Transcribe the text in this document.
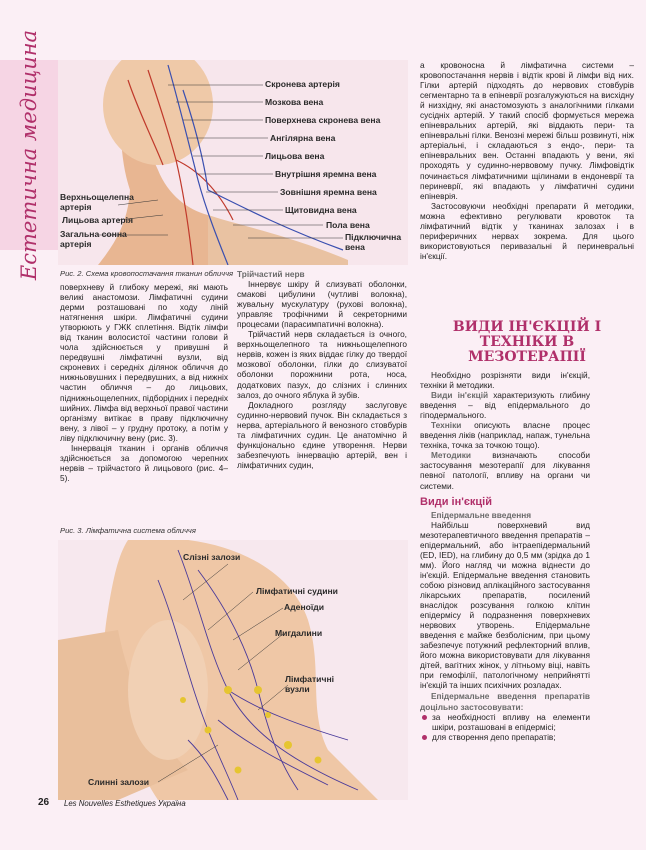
Естетична медицина	Скронева артерія
Мозкова вена
Поверхнева скронева вена
Ангілярна вена
Лицьова вена
Внутрішня яремна вена
Зовнішня яремна вена
Щитовидна вена
Пола вена
Підключична вена
Верхньощелепна артерія
Лицьова артерія
Загальна сонна артерія
Рис. 2. Схема кровопостачання тканин обличчя

поверхневу й глибоку мережі, які мають великі анастомози. Лімфатичні судини дерми розташовані по ходу ліній натягнення шкіри. Лімфатичні судини утворюють у ГЖК сплетіння. Відтік лімфи від тканин волосистої частини голови й чола здійснюється у привушні й передвушні лімфатичні вузли, від скроневих і середніх ділянок обличчя до нижньовушних і передвушних, а від нижніх частин обличчя – до лицьових, піднижньощелепних, підборідних і передніх шийних. Лімфа від верхньої правої частини організму витікає в праву підключичну вену, з лівої – у грудну протоку, а потім у ліву підключичну вену (рис. 3).

Іннервація тканин і органів обличчя здійснюється за допомогою черепних нервів – трійчастого й лицьового (рис. 4–5).

Трійчастий нерв

Іннервує шкіру й слизуваті оболонки, смакові цибулини (чутливі волокна), жувальну мускулатуру (рухові волокна), управляє трофічними й секреторними процесами (парасимпатичні волокна).

Трійчастий нерв складається із очного, верхньощелепного та нижньощелепного нервів, кожен із яких віддає гілку до твердої мозкової оболонки, гілки до слизуватої оболонки порожнини рота, носа, додаткових пазух, до слізних і слинних залоз, до очного яблука й зубів.

Докладного розгляду заслуговує судинно-нервовий пучок. Він складається з нерва, артеріального й венозного стовбурів та лімфатичних судин. Це анатомічно й функціонально єдине утворення. Нерви забезпечують іннервацію артерій, вен і лімфатичних судин,

Рис. 3. Лімфатична система обличчя
Слізні залози
Лімфатичні судини
Аденоїди
Мигдалини
Лімфатичні вузли
Слинні залози

а кровоносна й лімфатична системи – кровопостачання нервів і відтік крові й лімфи від них. Гілки артерій підходять до нервових стовбурів сегментарно та в епіневрії розгалужуються на висхідну й низхідну, які анастомозують з аналогічними гілками сусідніх артерій. У такий спосіб формується мережа епіневральних артерій, які віддають пери- та епіневральні гілки. Венозні мережі більш розвинуті, ніж артеріальні, і складаються з ендо-, пери- та епіневральних вен. Останні впадають у вени, які проходять у судинно-нервовому пучку. Лімфовідтік починається лімфатичними щілинами в ендоневрії та периневрії, які впадають у лімфатичні судини епіневрія.

Застосовуючи необхідні препарати й методики, можна ефективно регулювати кровоток та лімфатичний відтік у тканинах залозах і в периферичних нервах зокрема. Для цього використовуються перивазальні й периневральні ін'єкції.

ВИДИ ІН'ЄКЦІЙ І ТЕХНІКИ В МЕЗОТЕРАПІЇ

Необхідно розрізняти види ін'єкцій, техніки й методики.

Види ін'єкцій характеризують глибину введення – від епідермального до гіподермального.

Техніки описують власне процес введення ліків (наприклад, напаж, тунельна техніка, точка за точкою тощо).

Методики визначають способи застосування мезотерапії для лікування певної патології, впливу на органи чи системи.

Види ін'єкцій
Епідермальне введення

Найбільш поверхневий вид мезотерапевтичного введення препаратів – епідермальний, або інтраепідермальний (ED, IED), на глибину до 0,5 мм (зрідка до 1 мм). Його нагляд чи можна віднести до ін'єкцій. Епідермальне введення становить собою різновид аплікаційного застосування лікарських препаратів, посилений внаслідок розсування голкою клітин епідермісу й подразнення поверхневих нервових утворень. Епідермальне введення є майже безболісним, при цьому забезпечує потужний рефлекторний вплив, його можна використовувати для лікування дітей, вагітних жінок, у літньому віці, навіть при гемофілії, патологічному неприйнятті ін'єкцій та інших психічних розладах.

Епідермальне введення препаратів доцільно застосовувати:

за необхідності впливу на елементи шкіри, розташовані в епідермісі;
для створення депо препаратів;
26 Les Nouvelles Esthetiques Україна
